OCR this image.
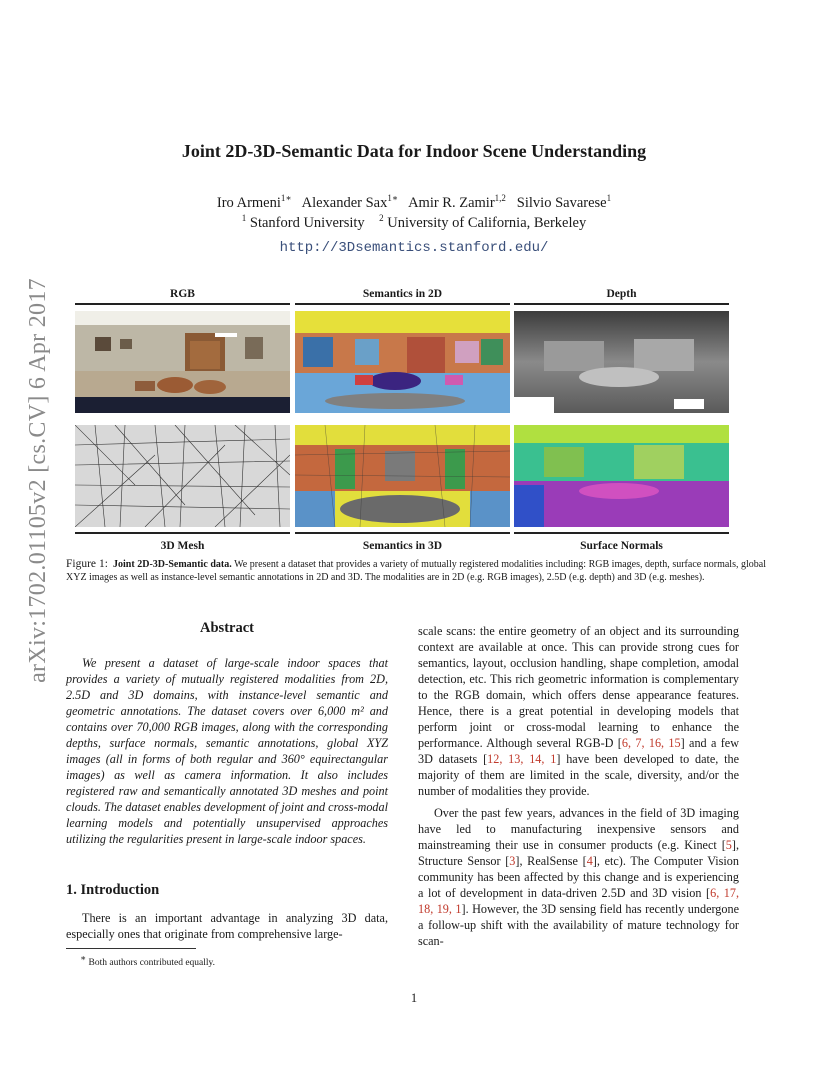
arXiv:1702.01105v2 [cs.CV] 6 Apr 2017
Joint 2D-3D-Semantic Data for Indoor Scene Understanding
Iro Armeni$^{1∗}$ Alexander Sax$^{1∗}$ Amir R. Zamir$^{1,2}$ Silvio Savarese$^1$
$^1$ Stanford University $^2$ University of California, Berkeley
http://3Dsemantics.stanford.edu/
RGB	Semantics in 2D	Depth
3D Mesh	Semantics in 3D	Surface Normals
Figure 1: Joint 2D-3D-Semantic data. We present a dataset that provides a variety of mutually registered modalities including: RGB images, depth, surface normals, global XYZ images as well as instance-level semantic annotations in 2D and 3D. The modalities are in 2D (e.g. RGB images), 2.5D (e.g. depth) and 3D (e.g. meshes).
Abstract
We present a dataset of large-scale indoor spaces that provides a variety of mutually registered modalities from 2D, 2.5D and 3D domains, with instance-level semantic and geometric annotations. The dataset covers over 6,000 m² and contains over 70,000 RGB images, along with the corresponding depths, surface normals, semantic annotations, global XYZ images (all in forms of both regular and 360° equirectangular images) as well as camera information. It also includes registered raw and semantically annotated 3D meshes and point clouds. The dataset enables development of joint and cross-modal learning models and potentially unsupervised approaches utilizing the regularities present in large-scale indoor spaces.
1. Introduction
There is an important advantage in analyzing 3D data, especially ones that originate from comprehensive large-
∗ Both authors contributed equally.

scale scans: the entire geometry of an object and its surrounding context are available at once. This can provide strong cues for semantics, layout, occlusion handling, shape completion, amodal detection, etc. This rich geometric information is complementary to the RGB domain, which offers dense appearance features. Hence, there is a great potential in developing models that perform joint or cross-modal learning to enhance the performance. Although several RGB-D [6, 7, 16, 15] and a few 3D datasets [12, 13, 14, 1] have been developed to date, the majority of them are limited in the scale, diversity, and/or the number of modalities they provide.

Over the past few years, advances in the field of 3D imaging have led to manufacturing inexpensive sensors and mainstreaming their use in consumer products (e.g. Kinect [5], Structure Sensor [3], RealSense [4], etc). The Computer Vision community has been affected by this change and is experiencing a lot of development in data-driven 2.5D and 3D vision [6, 17, 18, 19, 1]. However, the 3D sensing field has recently undergone a follow-up shift with the availability of mature technology for scan-

1
